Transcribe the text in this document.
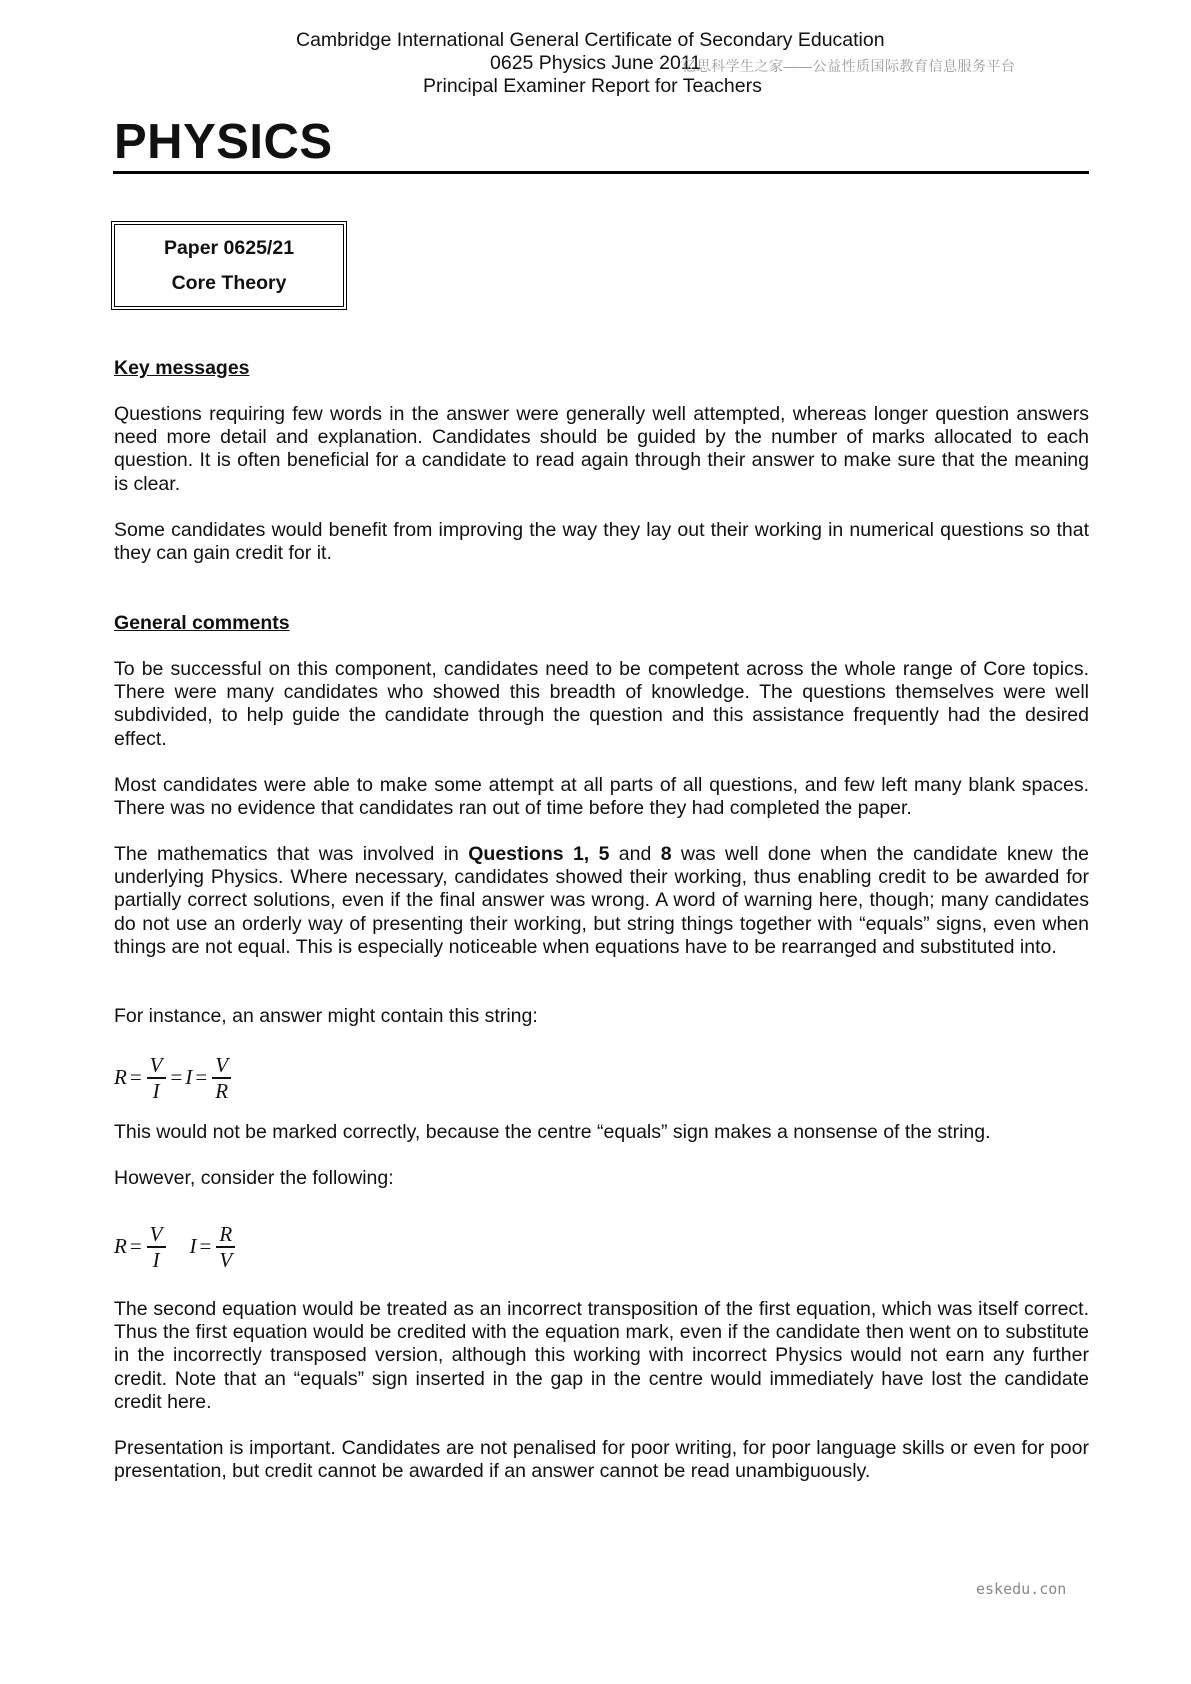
Cambridge International General Certificate of Secondary Education
0625 Physics June 2011
亿思科学生之家——公益性质国际教育信息服务平台
Principal Examiner Report for Teachers
PHYSICS
Paper 0625/21
Core Theory
Key messages
Questions requiring few words in the answer were generally well attempted, whereas longer question answers need more detail and explanation. Candidates should be guided by the number of marks allocated to each question. It is often beneficial for a candidate to read again through their answer to make sure that the meaning is clear.
Some candidates would benefit from improving the way they lay out their working in numerical questions so that they can gain credit for it.
General comments
To be successful on this component, candidates need to be competent across the whole range of Core topics. There were many candidates who showed this breadth of knowledge. The questions themselves were well subdivided, to help guide the candidate through the question and this assistance frequently had the desired effect.
Most candidates were able to make some attempt at all parts of all questions, and few left many blank spaces. There was no evidence that candidates ran out of time before they had completed the paper.
The mathematics that was involved in Questions 1, 5 and 8 was well done when the candidate knew the underlying Physics. Where necessary, candidates showed their working, thus enabling credit to be awarded for partially correct solutions, even if the final answer was wrong. A word of warning here, though; many candidates do not use an orderly way of presenting their working, but string things together with “equals” signs, even when things are not equal. This is especially noticeable when equations have to be rearranged and substituted into.
For instance, an answer might contain this string:
$R = \frac{V}{I} = I = \frac{V}{R}$
This would not be marked correctly, because the centre “equals” sign makes a nonsense of the string.
However, consider the following:
$R = \frac{V}{I}$ $I = \frac{R}{V}$
The second equation would be treated as an incorrect transposition of the first equation, which was itself correct. Thus the first equation would be credited with the equation mark, even if the candidate then went on to substitute in the incorrectly transposed version, although this working with incorrect Physics would not earn any further credit. Note that an “equals” sign inserted in the gap in the centre would immediately have lost the candidate credit here.
Presentation is important. Candidates are not penalised for poor writing, for poor language skills or even for poor presentation, but credit cannot be awarded if an answer cannot be read unambiguously.
eskedu.con
